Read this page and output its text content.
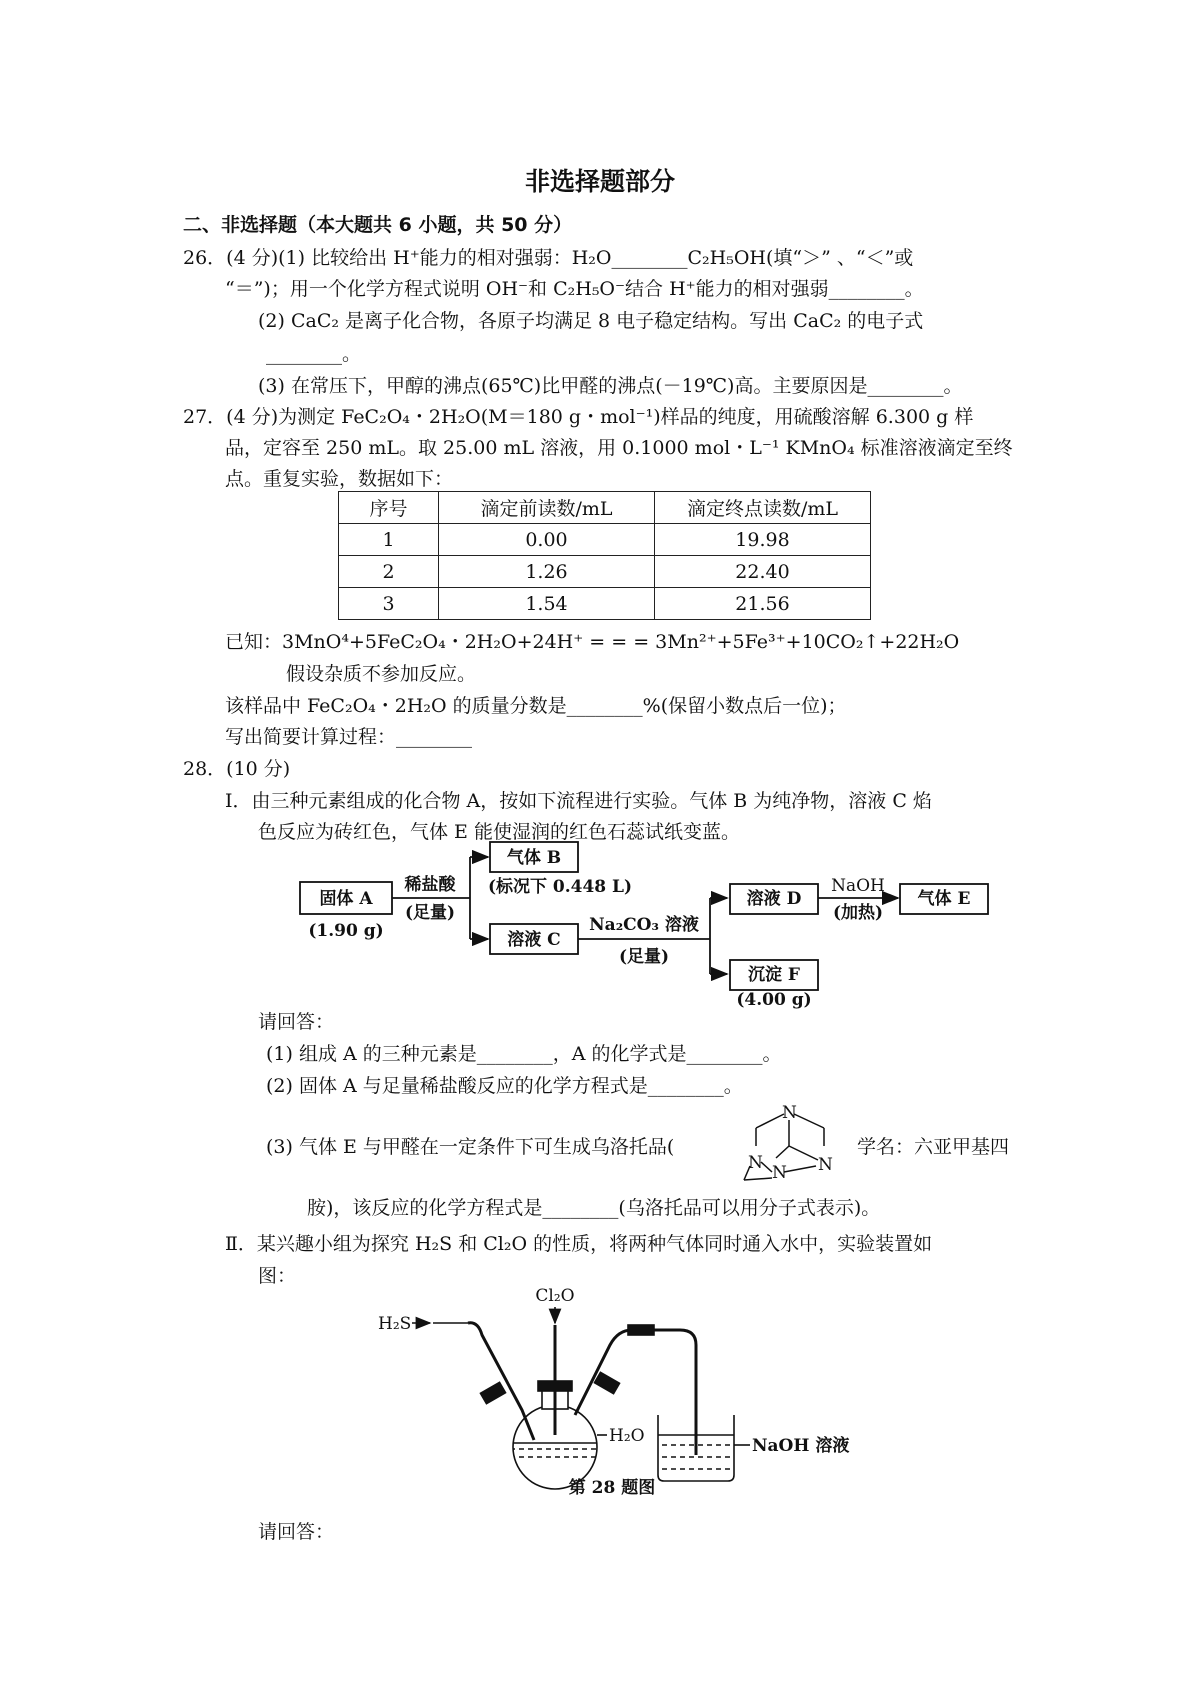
非选择题部分
二、非选择题（本大题共 6 小题，共 50 分）
26．(4 分)(1) 比较给出 H⁺能力的相对强弱：H₂O________C₂H₅OH(填“＞” 、“＜”或
“＝”)；用一个化学方程式说明 OH⁻和 C₂H₅O⁻结合 H⁺能力的相对强弱________。
(2) CaC₂ 是离子化合物，各原子均满足 8 电子稳定结构。写出 CaC₂ 的电子式
________。
(3) 在常压下，甲醇的沸点(65℃)比甲醛的沸点(－19℃)高。主要原因是________。
27．(4 分)为测定 FeC₂O₄・2H₂O(M＝180 g・mol⁻¹)样品的纯度，用硫酸溶解 6.300 g 样
品，定容至 250 mL。取 25.00 mL 溶液，用 0.1000 mol・L⁻¹ KMnO₄ 标准溶液滴定至终
点。重复实验，数据如下：
序号	滴定前读数/mL	滴定终点读数/mL
1	0.00	19.98
2	1.26	22.40
3	1.54	21.56
已知：3MnO⁴+5FeC₂O₄・2H₂O+24H⁺ = = = 3Mn²⁺+5Fe³⁺+10CO₂↑+22H₂O
假设杂质不参加反应。
该样品中 FeC₂O₄・2H₂O 的质量分数是________%(保留小数点后一位)；
写出简要计算过程：________
28．(10 分)
Ⅰ．由三种元素组成的化合物 A，按如下流程进行实验。气体 B 为纯净物，溶液 C 焰
色反应为砖红色，气体 E 能使湿润的红色石蕊试纸变蓝。
固体 A
(1.90 g)
稀盐酸
(足量)
气体 B
(标况下 0.448 L)
溶液 C
Na₂CO₃ 溶液
(足量)
溶液 D
NaOH
(加热)
气体 E
沉淀 F
(4.00 g)
请回答：
(1) 组成 A 的三种元素是________，A 的化学式是________。
(2) 固体 A 与足量稀盐酸反应的化学方程式是________。
(3) 气体 E 与甲醛在一定条件下可生成乌洛托品(
N
N N N
学名：六亚甲基四
胺)，该反应的化学方程式是________(乌洛托品可以用分子式表示)。
Ⅱ．某兴趣小组为探究 H₂S 和 Cl₂O 的性质，将两种气体同时通入水中，实验装置如
图：
H₂S
Cl₂O
H₂O	NaOH 溶液
第 28 题图
请回答：
